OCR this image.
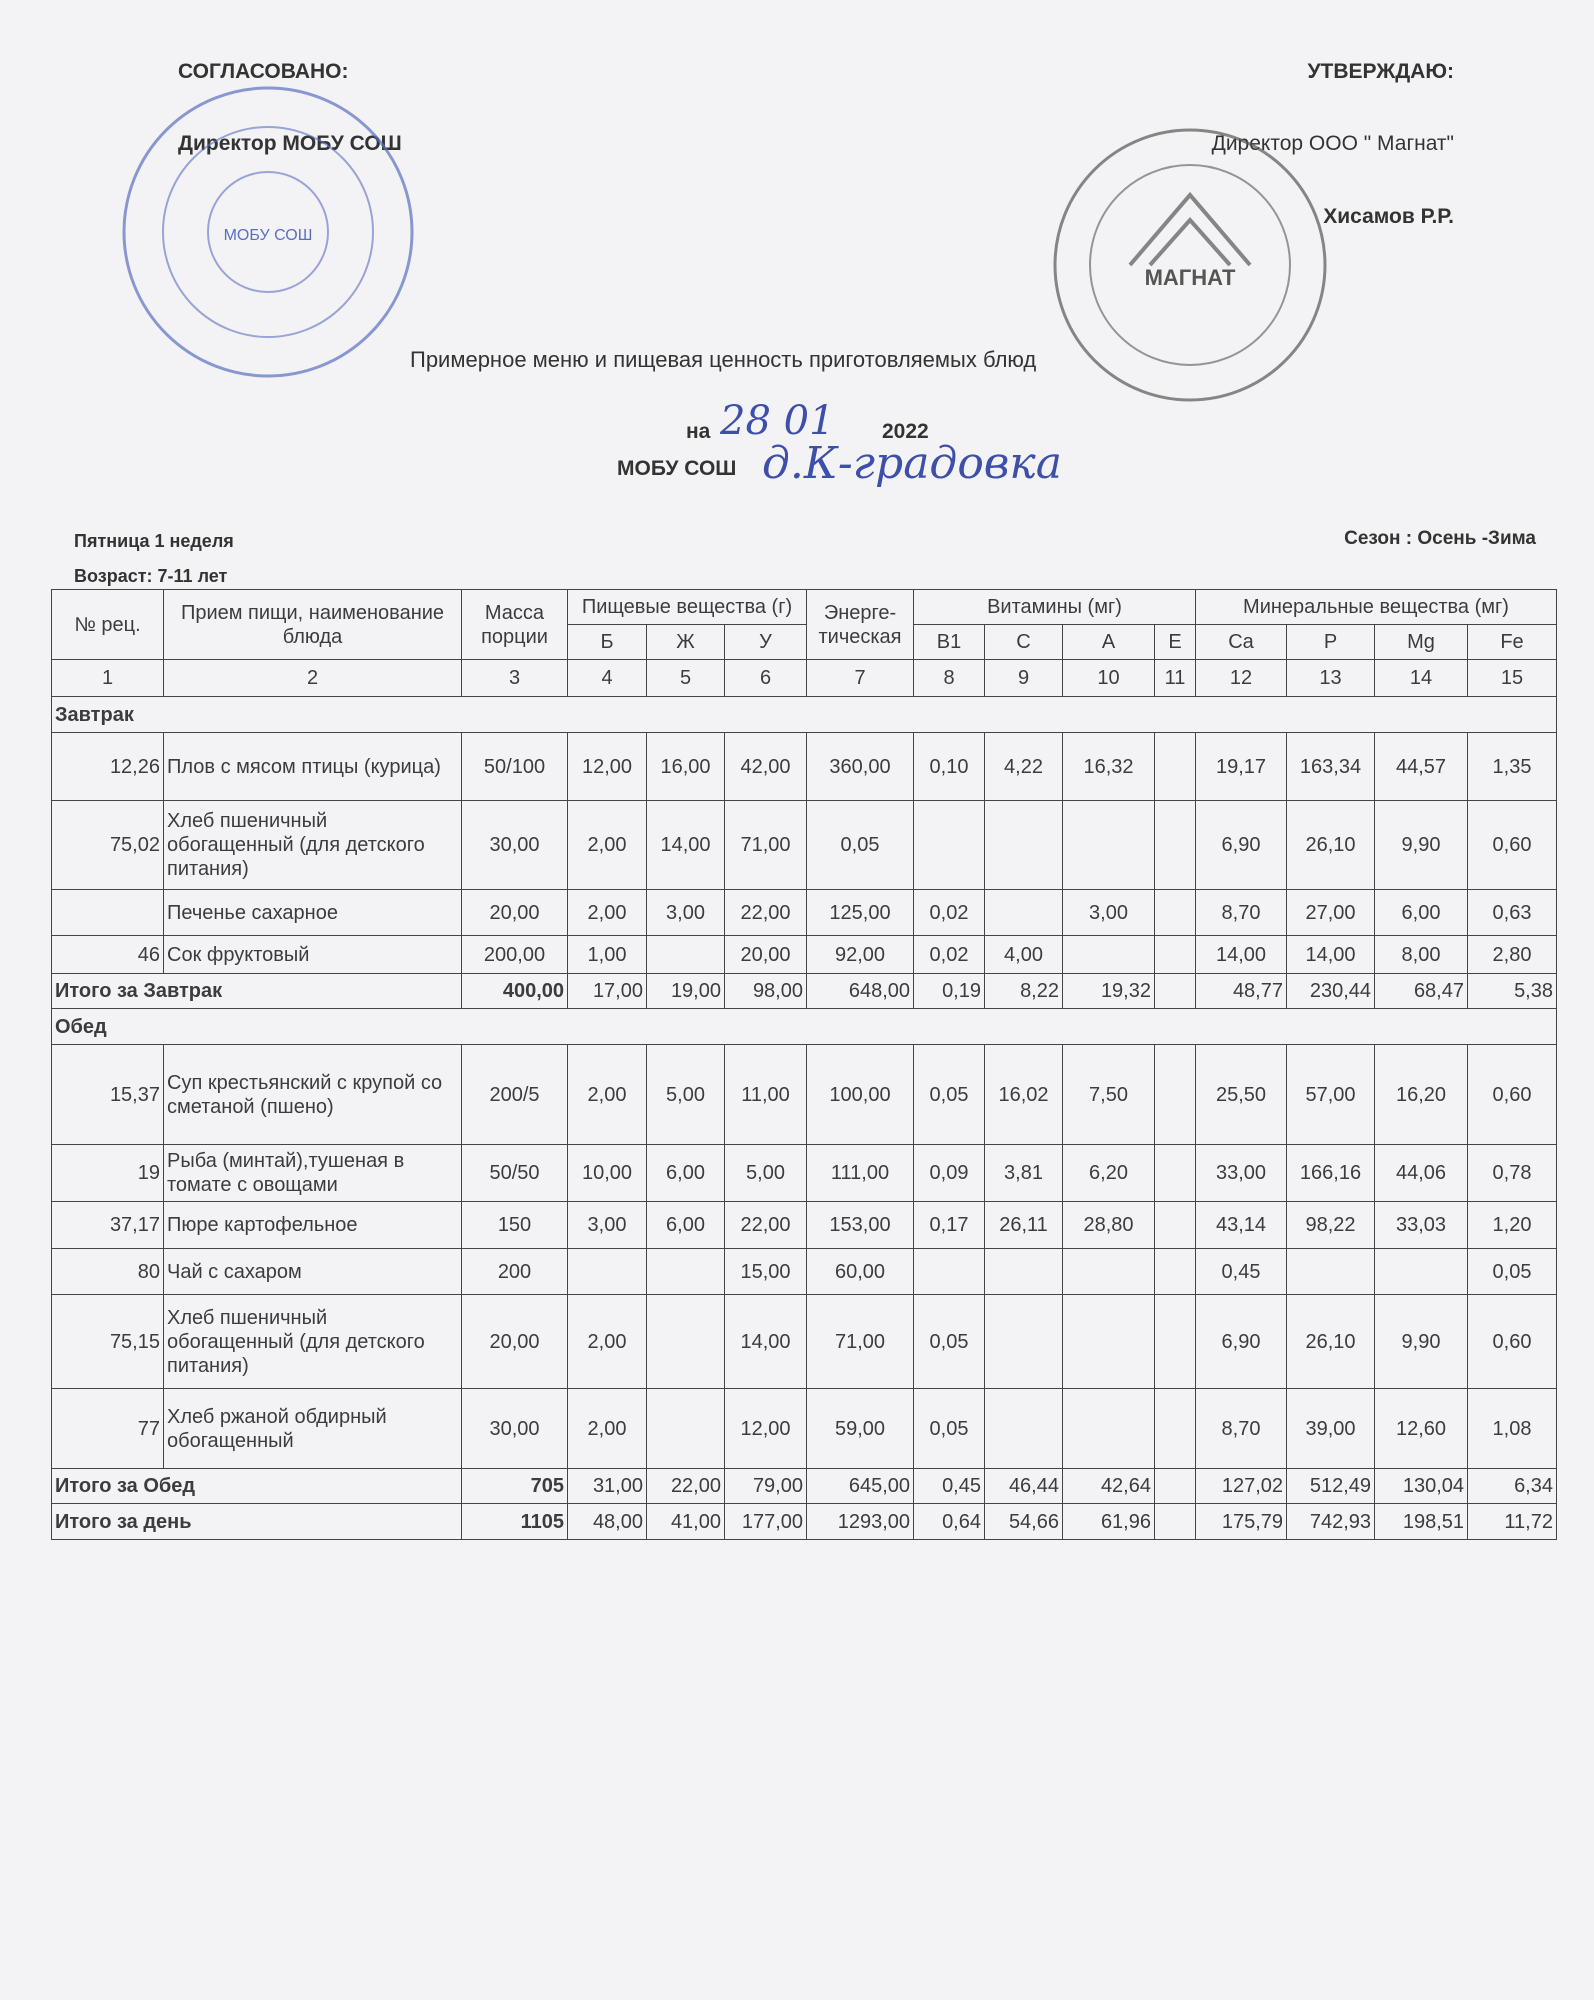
СОГЛАСОВАНО:
Директор МОБУ СОШ
УТВЕРЖДАЮ:
Директор ООО " Магнат"
Хисамов Р.Р.
МОБУ СОШ
МАГНАТ
Примерное меню и пищевая ценность приготовляемых блюд
на 28 01 2022
МОБУ СОШ д.К-градовка
Пятница 1 неделя	Сезон : Осень -Зима
Возраст: 7-11 лет
№ рец.	Прием пищи, наименование блюда	Масса порции	Пищевые вещества (г)			Энерге-тическая	Витамины (мг)				Минеральные вещества (мг)			
			Б	Ж	У		B1	C	A	E	Ca	P	Mg	Fe
1	2	3	4	5	6	7	8	9	10	11	12	13	14	15
Завтрак														
12,26	Плов с мясом птицы (курица)	50/100	12,00	16,00	42,00	360,00	0,10	4,22	16,32		19,17	163,34	44,57	1,35
75,02	Хлеб пшеничный обогащенный (для детского питания)	30,00	2,00	14,00	71,00	0,05					6,90	26,10	9,90	0,60
	Печенье сахарное	20,00	2,00	3,00	22,00	125,00	0,02		3,00		8,70	27,00	6,00	0,63
46	Сок фруктовый	200,00	1,00		20,00	92,00	0,02	4,00			14,00	14,00	8,00	2,80
Итого за Завтрак		400,00	17,00	19,00	98,00	648,00	0,19	8,22	19,32		48,77	230,44	68,47	5,38
Обед														
15,37	Суп крестьянский с крупой со сметаной (пшено)	200/5	2,00	5,00	11,00	100,00	0,05	16,02	7,50		25,50	57,00	16,20	0,60
19	Рыба (минтай),тушеная в томате с овощами	50/50	10,00	6,00	5,00	111,00	0,09	3,81	6,20		33,00	166,16	44,06	0,78
37,17	Пюре картофельное	150	3,00	6,00	22,00	153,00	0,17	26,11	28,80		43,14	98,22	33,03	1,20
80	Чай с сахаром	200			15,00	60,00					0,45			0,05
75,15	Хлеб пшеничный обогащенный (для детского питания)	20,00	2,00		14,00	71,00	0,05				6,90	26,10	9,90	0,60
77	Хлеб ржаной обдирный обогащенный	30,00	2,00		12,00	59,00	0,05				8,70	39,00	12,60	1,08
Итого за Обед		705	31,00	22,00	79,00	645,00	0,45	46,44	42,64		127,02	512,49	130,04	6,34
Итого за день		1105	48,00	41,00	177,00	1293,00	0,64	54,66	61,96		175,79	742,93	198,51	11,72
